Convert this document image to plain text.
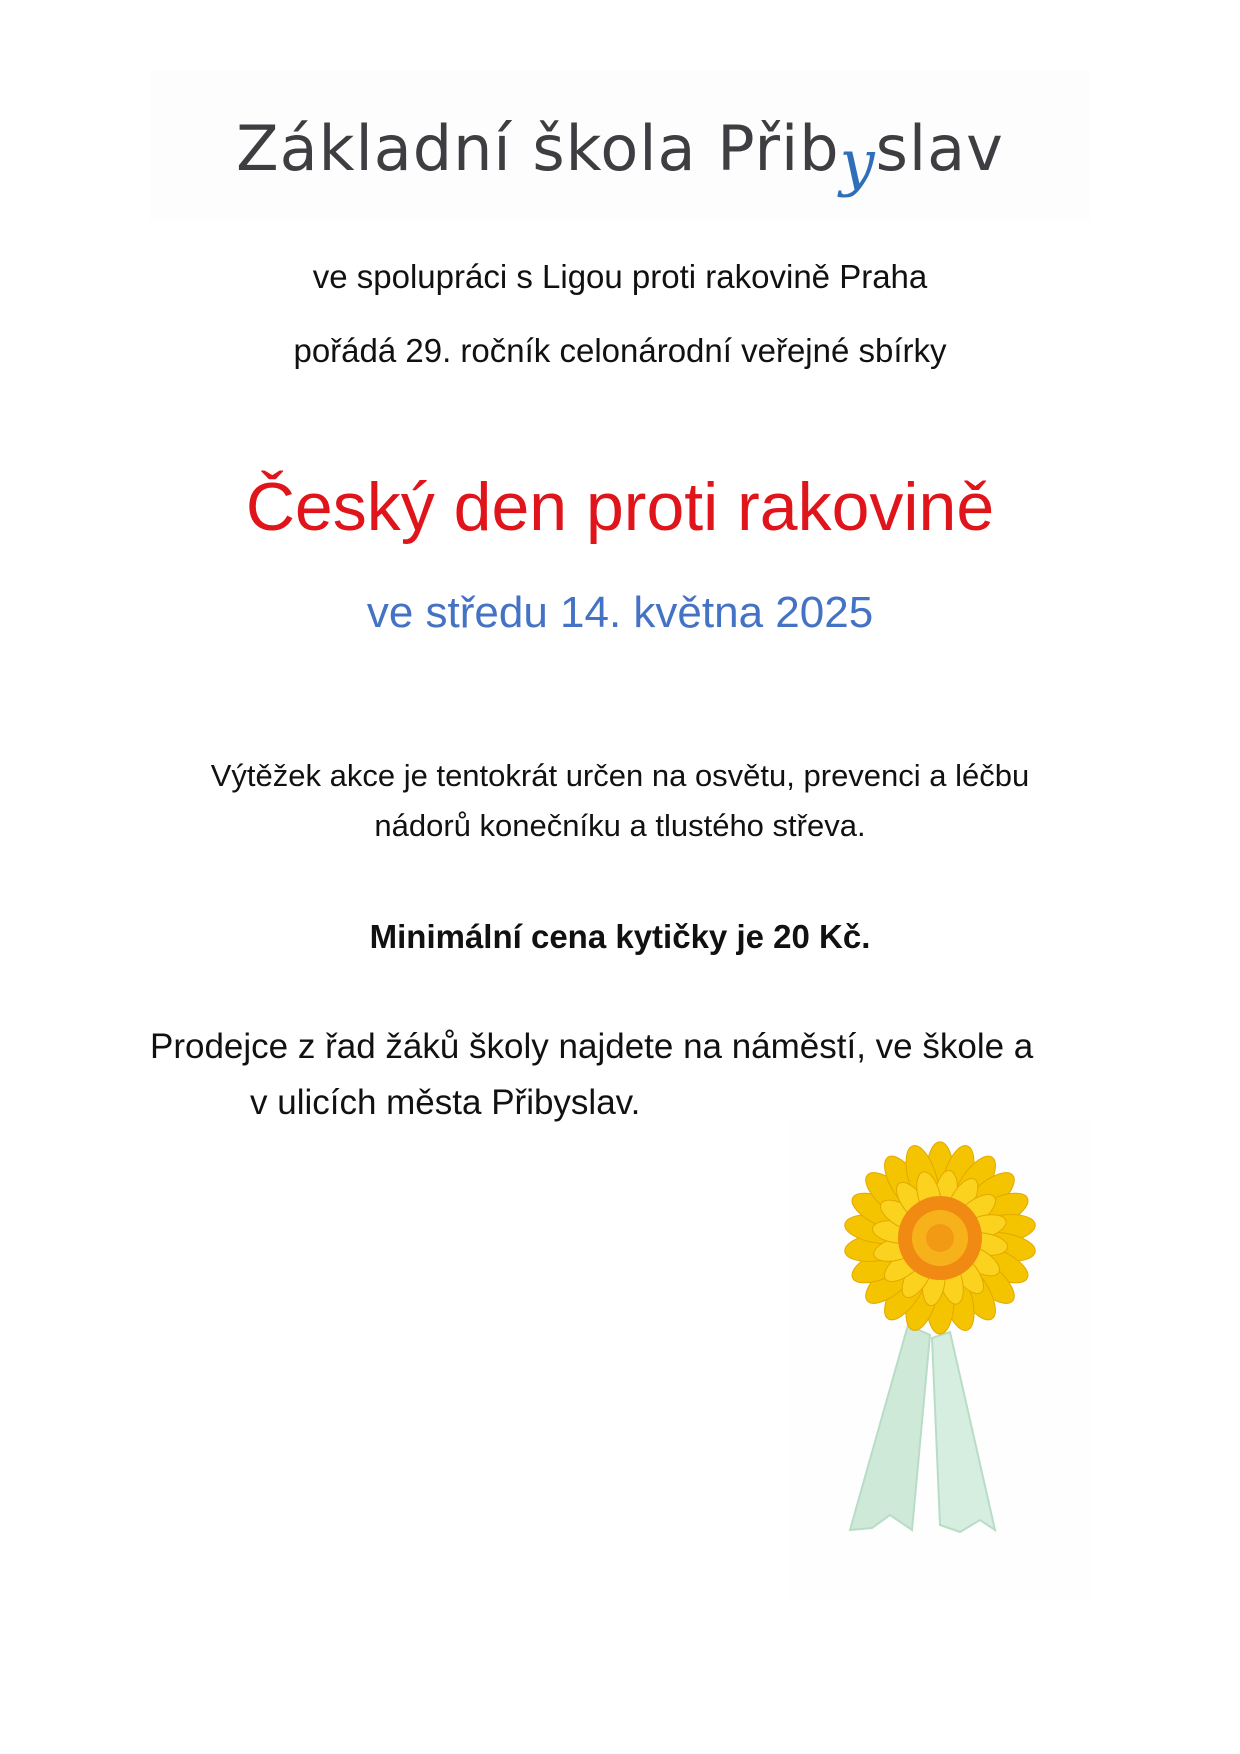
Základní škola Přibyslav
ve spolupráci s Ligou proti rakovině Praha
pořádá 29. ročník celonárodní veřejné sbírky
Český den proti rakovině
ve středu 14. května 2025
Výtěžek akce je tentokrát určen na osvětu, prevenci a léčbu
nádorů konečníku a tlustého střeva.
Minimální cena kytičky je 20 Kč.
Prodejce z řad žáků školy najdete na náměstí, ve škole a
v ulicích města Přibyslav.
